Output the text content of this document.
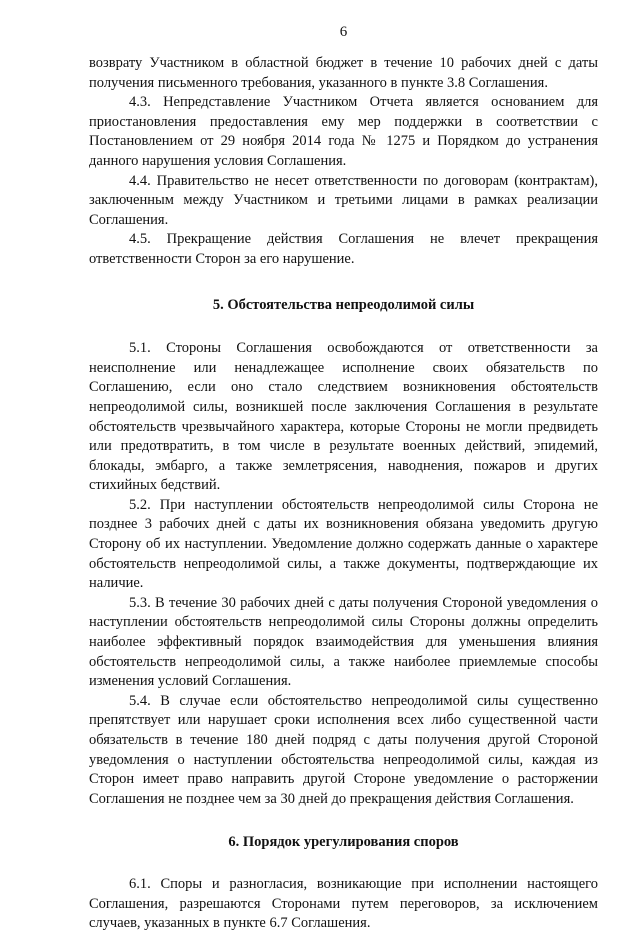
6

возврату Участником в областной бюджет в течение 10 рабочих дней с даты получения письменного требования, указанного в пункте 3.8 Соглашения.

4.3. Непредставление Участником Отчета является основанием для приостановления предоставления ему мер поддержки в соответствии с Постановлением от 29 ноября 2014 года № 1275 и Порядком до устранения данного нарушения условия Соглашения.

4.4. Правительство не несет ответственности по договорам (контрактам), заключенным между Участником и третьими лицами в рамках реализации Соглашения.

4.5. Прекращение действия Соглашения не влечет прекращения ответственности Сторон за его нарушение.

5. Обстоятельства непреодолимой силы

5.1. Стороны Соглашения освобождаются от ответственности за неисполнение или ненадлежащее исполнение своих обязательств по Соглашению, если оно стало следствием возникновения обстоятельств непреодолимой силы, возникшей после заключения Соглашения в результате обстоятельств чрезвычайного характера, которые Стороны не могли предвидеть или предотвратить, в том числе в результате военных действий, эпидемий, блокады, эмбарго, а также землетрясения, наводнения, пожаров и других стихийных бедствий.

5.2. При наступлении обстоятельств непреодолимой силы Сторона не позднее 3 рабочих дней с даты их возникновения обязана уведомить другую Сторону об их наступлении. Уведомление должно содержать данные о характере обстоятельств непреодолимой силы, а также документы, подтверждающие их наличие.

5.3. В течение 30 рабочих дней с даты получения Стороной уведомления о наступлении обстоятельств непреодолимой силы Стороны должны определить наиболее эффективный порядок взаимодействия для уменьшения влияния обстоятельств непреодолимой силы, а также наиболее приемлемые способы изменения условий Соглашения.

5.4. В случае если обстоятельство непреодолимой силы существенно препятствует или нарушает сроки исполнения всех либо существенной части обязательств в течение 180 дней подряд с даты получения другой Стороной уведомления о наступлении обстоятельства непреодолимой силы, каждая из Сторон имеет право направить другой Стороне уведомление о расторжении Соглашения не позднее чем за 30 дней до прекращения действия Соглашения.

6. Порядок урегулирования споров

6.1. Споры и разногласия, возникающие при исполнении настоящего Соглашения, разрешаются Сторонами путем переговоров, за исключением случаев, указанных в пункте 6.7 Соглашения.
